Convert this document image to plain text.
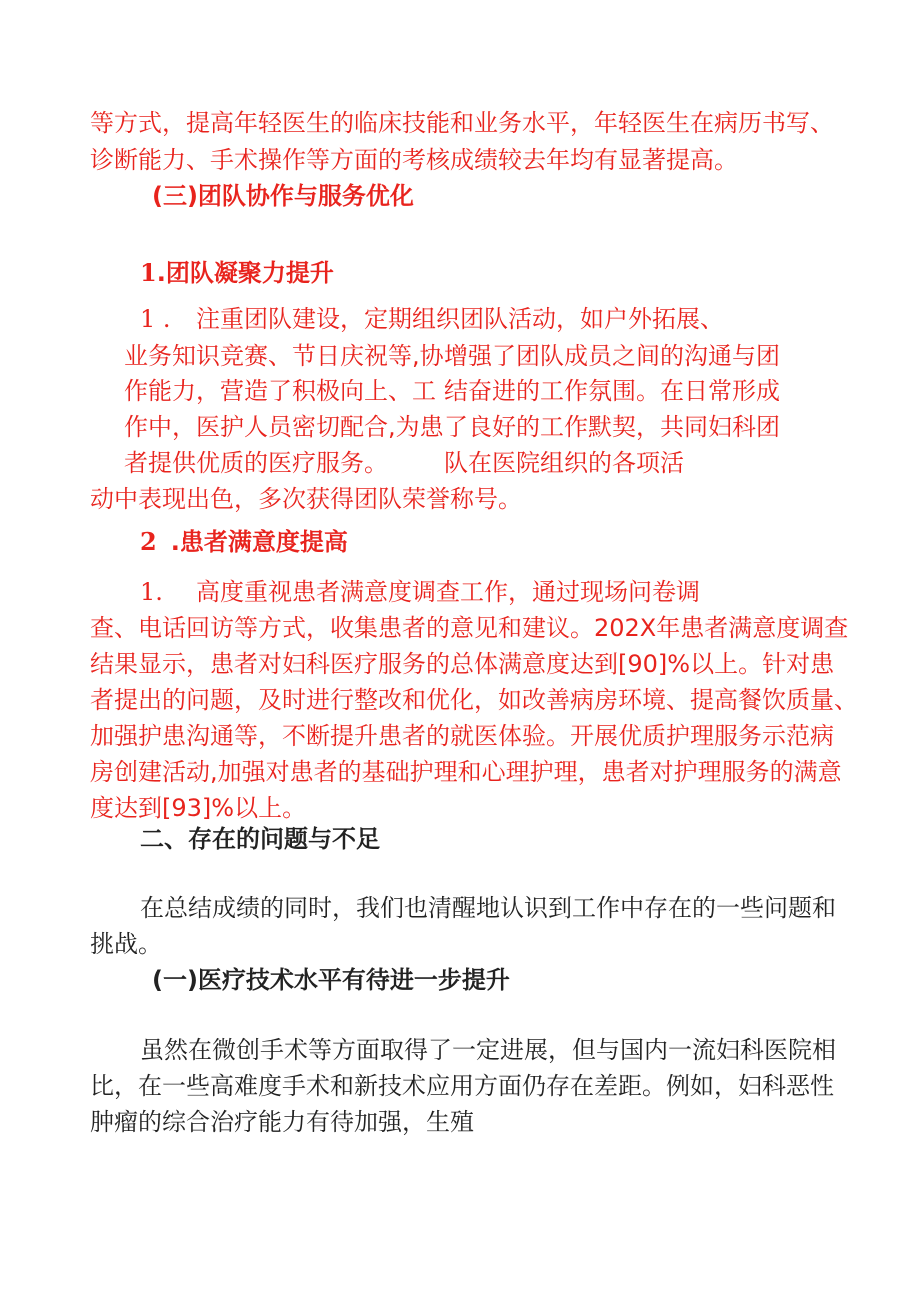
等方式，提高年轻医生的临床技能和业务水平，年轻医生在病历书写、
诊断能力、手术操作等方面的考核成绩较去年均有显著提高。
(三)团队协作与服务优化
1.团队凝聚力提升
1 . 注重团队建设，定期组织团队活动，如户外拓展、
业务知识竞赛、节日庆祝等,协
作能力，营造了积极向上、工
作中，医护人员密切配合,为患
者提供优质的医疗服务。
增强了团队成员之间的沟通与团
结奋进的工作氛围。在日常形成
了良好的工作默契，共同妇科团
队在医院组织的各项活
动中表现出色，多次获得团队荣誉称号。
2 .患者满意度提高
1. 高度重视患者满意度调查工作，通过现场问卷调
查、电话回访等方式，收集患者的意见和建议。202X年患者满意度调查
结果显示，患者对妇科医疗服务的总体满意度达到[90]%以上。针对患
者提出的问题，及时进行整改和优化，如改善病房环境、提高餐饮质量、
加强护患沟通等，不断提升患者的就医体验。开展优质护理服务示范病
房创建活动,加强对患者的基础护理和心理护理，患者对护理服务的满意
度达到[93]%以上。
二、存在的问题与不足
在总结成绩的同时，我们也清醒地认识到工作中存在的一些问题和
挑战。
(一)医疗技术水平有待进一步提升
虽然在微创手术等方面取得了一定进展，但与国内一流妇科医院相
比，在一些高难度手术和新技术应用方面仍存在差距。例如，妇科恶性
肿瘤的综合治疗能力有待加强，生殖
